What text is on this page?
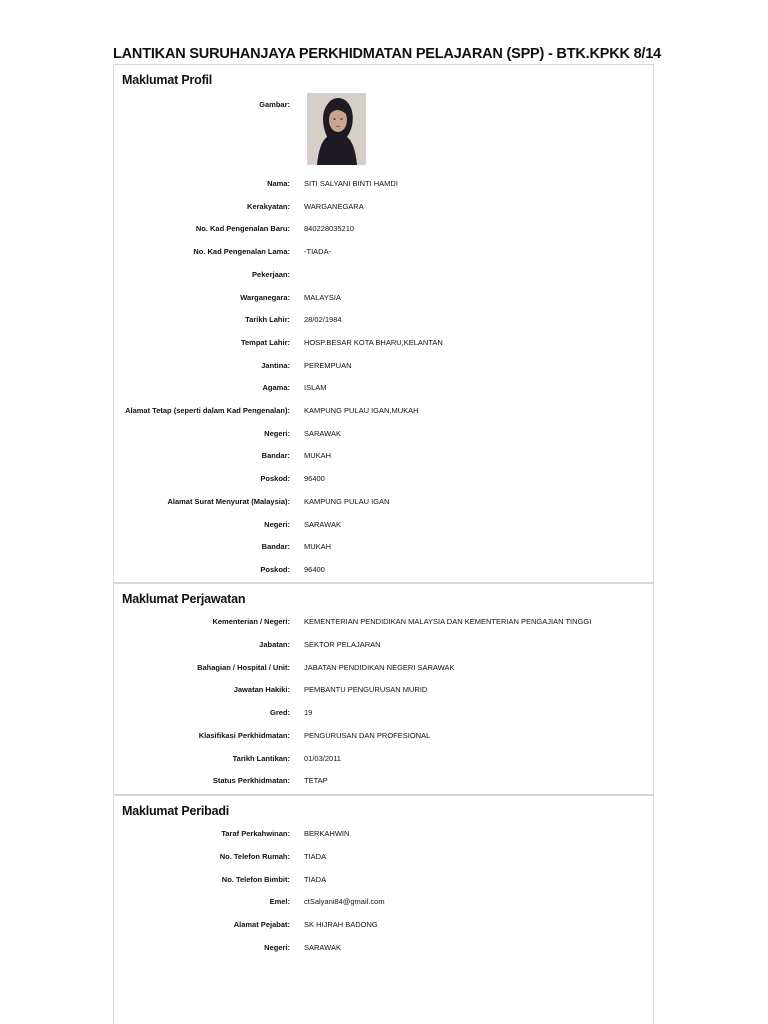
LANTIKAN SURUHANJAYA PERKHIDMATAN PELAJARAN (SPP) - BTK.KPKK 8/14
Maklumat Profil
Gambar:
Nama: SITI SALYANI BINTI HAMDI
Kerakyatan: WARGANEGARA
No. Kad Pengenalan Baru: 840228035210
No. Kad Pengenalan Lama: -TIADA-
Pekerjaan:
Warganegara: MALAYSIA
Tarikh Lahir: 28/02/1984
Tempat Lahir: HOSP.BESAR KOTA BHARU,KELANTAN
Jantina: PEREMPUAN
Agama: ISLAM
Alamat Tetap (seperti dalam Kad Pengenalan): KAMPUNG PULAU IGAN,MUKAH
Negeri: SARAWAK
Bandar: MUKAH
Poskod: 96400
Alamat Surat Menyurat (Malaysia): KAMPUNG PULAU IGAN
Negeri: SARAWAK
Bandar: MUKAH
Poskod: 96400
Maklumat Perjawatan
Kementerian / Negeri: KEMENTERIAN PENDIDIKAN MALAYSIA DAN KEMENTERIAN PENGAJIAN TINGGI
Jabatan: SEKTOR PELAJARAN
Bahagian / Hospital / Unit: JABATAN PENDIDIKAN NEGERI SARAWAK
Jawatan Hakiki: PEMBANTU PENGURUSAN MURID
Gred: 19
Klasifikasi Perkhidmatan: PENGURUSAN DAN PROFESIONAL
Tarikh Lantikan: 01/03/2011
Status Perkhidmatan: TETAP
Maklumat Peribadi
Taraf Perkahwinan: BERKAHWIN
No. Telefon Rumah: TIADA
No. Telefon Bimbit: TIADA
Emel: ctSalyani84@gmail.com
Alamat Pejabat: SK HIJRAH BADONG
Negeri: SARAWAK
